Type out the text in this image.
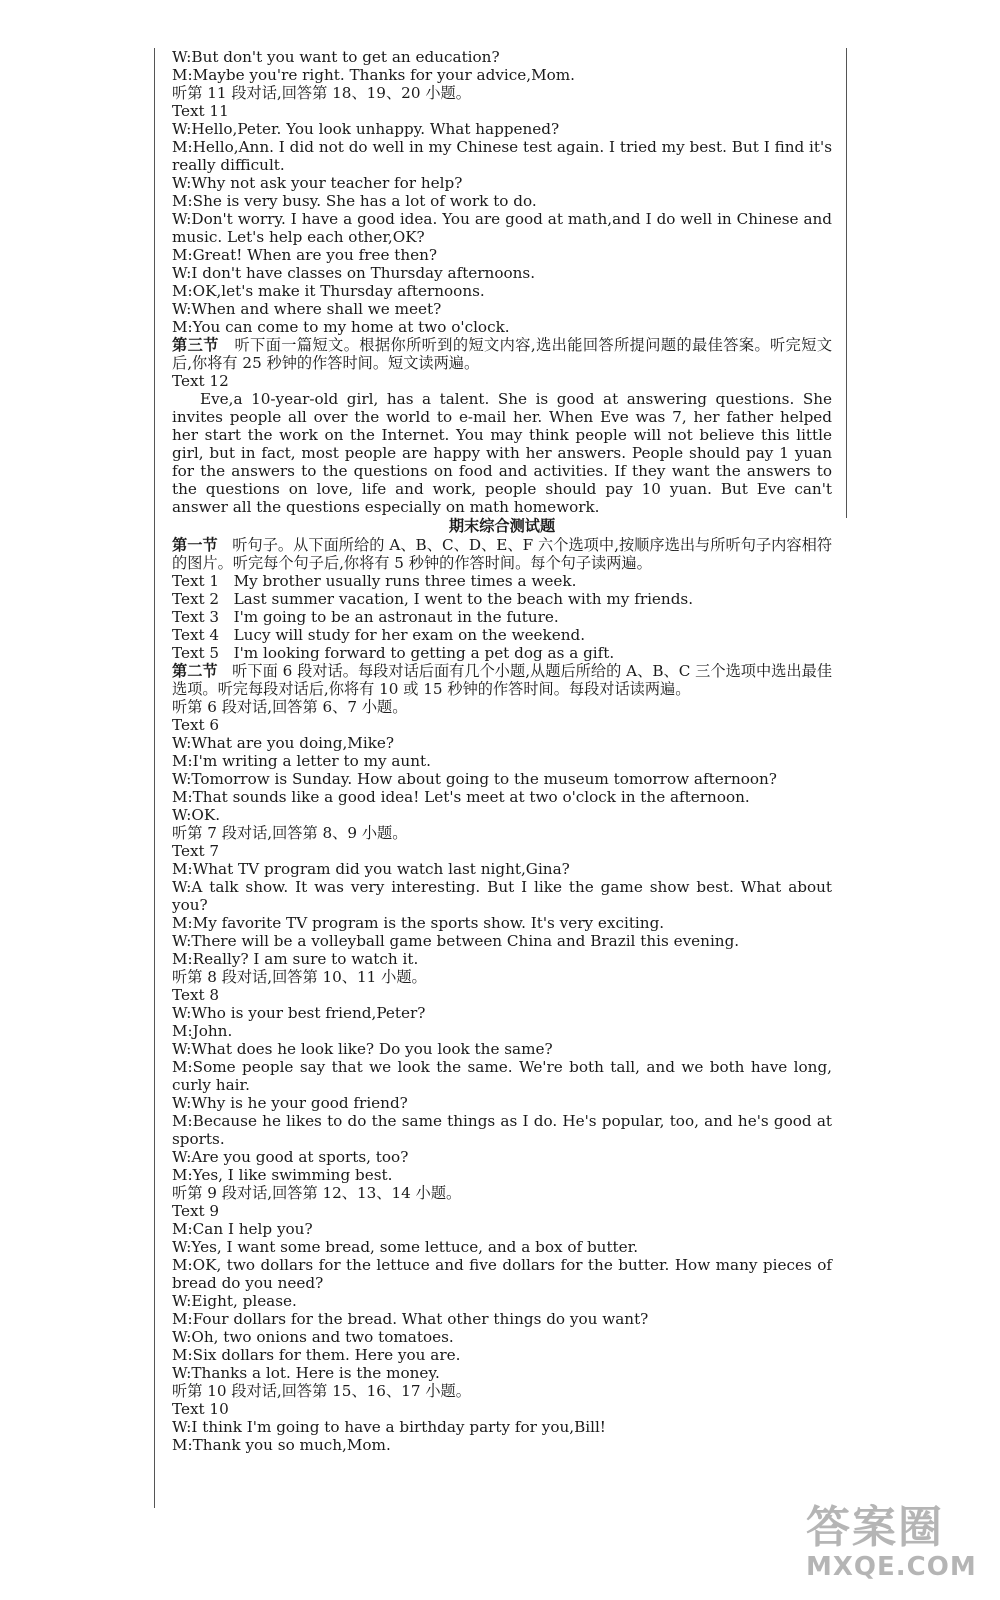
W:But don't you want to get an education?
M:Maybe you're right. Thanks for your advice,Mom.
听第 11 段对话,回答第 18、19、20 小题。
Text 11
W:Hello,Peter. You look unhappy. What happened?
M:Hello,Ann. I did not do well in my Chinese test again. I tried my best. But I find it's really difficult.
W:Why not ask your teacher for help?
M:She is very busy. She has a lot of work to do.
W:Don't worry. I have a good idea. You are good at math,and I do well in Chinese and music. Let's help each other,OK?
M:Great! When are you free then?
W:I don't have classes on Thursday afternoons.
M:OK,let's make it Thursday afternoons.
W:When and where shall we meet?
M:You can come to my home at two o'clock.
第三节 听下面一篇短文。根据你所听到的短文内容,选出能回答所提问题的最佳答案。听完短文后,你将有 25 秒钟的作答时间。短文读两遍。
Text 12
Eve,a 10-year-old girl, has a talent. She is good at answering questions. She invites people all over the world to e-mail her. When Eve was 7, her father helped her start the work on the Internet. You may think people will not believe this little girl, but in fact, most people are happy with her answers. People should pay 1 yuan for the answers to the questions on food and activities. If they want the answers to the questions on love, life and work, people should pay 10 yuan. But Eve can't answer all the questions especially on math homework.
期末综合测试题
第一节 听句子。从下面所给的 A、B、C、D、E、F 六个选项中,按顺序选出与所听句子内容相符的图片。听完每个句子后,你将有 5 秒钟的作答时间。每个句子读两遍。
Text 1   My brother usually runs three times a week.
Text 2   Last summer vacation, I went to the beach with my friends.
Text 3   I'm going to be an astronaut in the future.
Text 4   Lucy will study for her exam on the weekend.
Text 5   I'm looking forward to getting a pet dog as a gift.
第二节 听下面 6 段对话。每段对话后面有几个小题,从题后所给的 A、B、C 三个选项中选出最佳选项。听完每段对话后,你将有 10 或 15 秒钟的作答时间。每段对话读两遍。
听第 6 段对话,回答第 6、7 小题。
Text 6
W:What are you doing,Mike?
M:I'm writing a letter to my aunt.
W:Tomorrow is Sunday. How about going to the museum tomorrow afternoon?
M:That sounds like a good idea! Let's meet at two o'clock in the afternoon.
W:OK.
听第 7 段对话,回答第 8、9 小题。
Text 7
M:What TV program did you watch last night,Gina?
W:A talk show. It was very interesting. But I like the game show best. What about you?
M:My favorite TV program is the sports show. It's very exciting.
W:There will be a volleyball game between China and Brazil this evening.
M:Really? I am sure to watch it.
听第 8 段对话,回答第 10、11 小题。
Text 8
W:Who is your best friend,Peter?
M:John.
W:What does he look like? Do you look the same?
M:Some people say that we look the same. We're both tall, and we both have long, curly hair.
W:Why is he your good friend?
M:Because he likes to do the same things as I do. He's popular, too, and he's good at sports.
W:Are you good at sports, too?
M:Yes, I like swimming best.
听第 9 段对话,回答第 12、13、14 小题。
Text 9
M:Can I help you?
W:Yes, I want some bread, some lettuce, and a box of butter.
M:OK, two dollars for the lettuce and five dollars for the butter. How many pieces of bread do you need?
W:Eight, please.
M:Four dollars for the bread. What other things do you want?
W:Oh, two onions and two tomatoes.
M:Six dollars for them. Here you are.
W:Thanks a lot. Here is the money.
听第 10 段对话,回答第 15、16、17 小题。
Text 10
W:I think I'm going to have a birthday party for you,Bill!
M:Thank you so much,Mom.
答案圈
MXQE.COM
